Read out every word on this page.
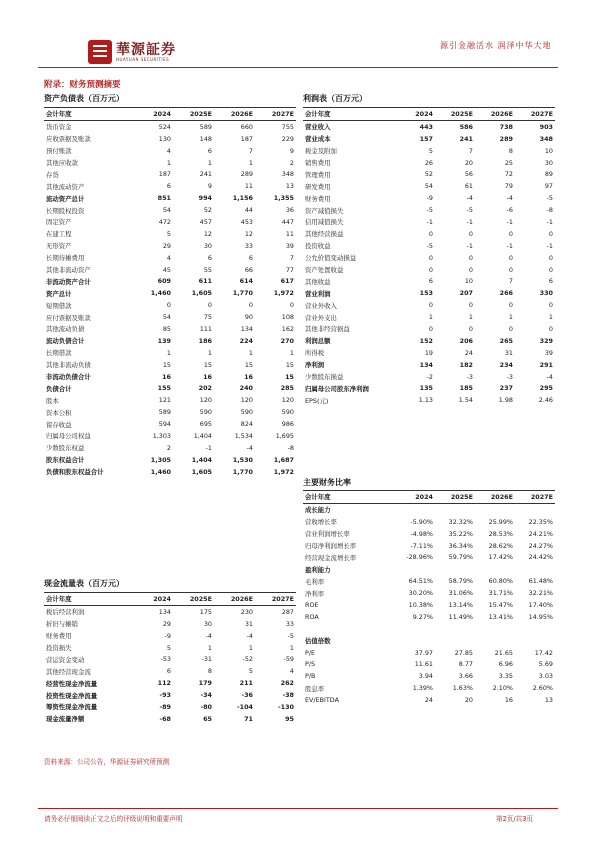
華源証券
HUAYUAN SECURITIES
源引金融活水 润泽中华大地
附录：财务预测摘要
资产负债表（百万元）
会计年度	2024	2025E	2026E	2027E
货币资金	524	589	660	755
应收票据及账款	130	148	187	229
预付账款	4	6	7	9
其他应收款	1	1	1	2
存货	187	241	289	348
其他流动资产	6	9	11	13
流动资产总计	851	994	1,156	1,355
长期股权投资	54	52	44	36
固定资产	472	457	453	447
在建工程	5	12	12	11
无形资产	29	30	33	39
长期待摊费用	4	6	6	7
其他非流动资产	45	55	66	77
非流动资产合计	609	611	614	617
资产总计	1,460	1,605	1,770	1,972
短期借款	0	0	0	0
应付票据及账款	54	75	90	108
其他流动负债	85	111	134	162
流动负债合计	139	186	224	270
长期借款	1	1	1	1
其他非流动负债	15	15	15	15
非流动负债合计	16	16	16	15
负债合计	155	202	240	285
股本	121	120	120	120
资本公积	589	590	590	590
留存收益	594	695	824	986
归属母公司权益	1,303	1,404	1,534	1,695
少数股东权益	2	-1	-4	-8
股东权益合计	1,305	1,404	1,530	1,687
负债和股东权益合计	1,460	1,605	1,770	1,972
利润表（百万元）
会计年度	2024	2025E	2026E	2027E
营业收入	443	586	738	903
营业成本	157	241	289	348
税金及附加	5	7	8	10
销售费用	26	20	25	30
管理费用	52	56	72	89
研发费用	54	61	79	97
财务费用	-9	-4	-4	-5
资产减值损失	-5	-5	-6	-8
信用减值损失	-1	-1	-1	-1
其他经营损益	0	0	0	0
投资收益	-5	-1	-1	-1
公允价值变动损益	0	0	0	0
资产处置收益	0	0	0	0
其他收益	6	10	7	6
营业利润	153	207	266	330
营业外收入	0	0	0	0
营业外支出	1	1	1	1
其他非经营损益	0	0	0	0
利润总额	152	206	265	329
所得税	19	24	31	39
净利润	134	182	234	291
少数股东损益	-2	-3	-3	-4
归属母公司股东净利润	135	185	237	295
EPS(元)	1.13	1.54	1.98	2.46
主要财务比率
会计年度	2024	2025E	2026E	2027E
成长能力				
营收增长率	-5.90%	32.32%	25.99%	22.35%
营业利润增长率	-4.98%	35.22%	28.53%	24.21%
归母净利润增长率	-7.11%	36.34%	28.62%	24.27%
经营现金流增长率	-28.96%	59.79%	17.42%	24.42%
盈利能力				
毛利率	64.51%	58.79%	60.80%	61.48%
净利率	30.20%	31.06%	31.71%	32.21%
ROE	10.38%	13.14%	15.47%	17.40%
ROA	9.27%	11.49%	13.41%	14.95%

估值倍数				
P/E	37.97	27.85	21.65	17.42
P/S	11.61	8.77	6.96	5.69
P/B	3.94	3.66	3.35	3.03
股息率	1.39%	1.63%	2.10%	2.60%
EV/EBITDA	24	20	16	13
现金流量表（百万元）
会计年度	2024	2025E	2026E	2027E
税后经营利润	134	175	230	287
折旧与摊销	29	30	31	33
财务费用	-9	-4	-4	-5
投资损失	5	1	1	1
营运资金变动	-53	-31	-52	-59
其他经营现金流	6	8	5	4
经营性现金净流量	112	179	211	262
投资性现金净流量	-93	-34	-36	-38
筹资性现金净流量	-89	-80	-104	-130
现金流量净额	-68	65	71	95
资料来源：公司公告，华源证券研究所预测
请务必仔细阅读正文之后的评级说明和重要声明	第2页/共3页
